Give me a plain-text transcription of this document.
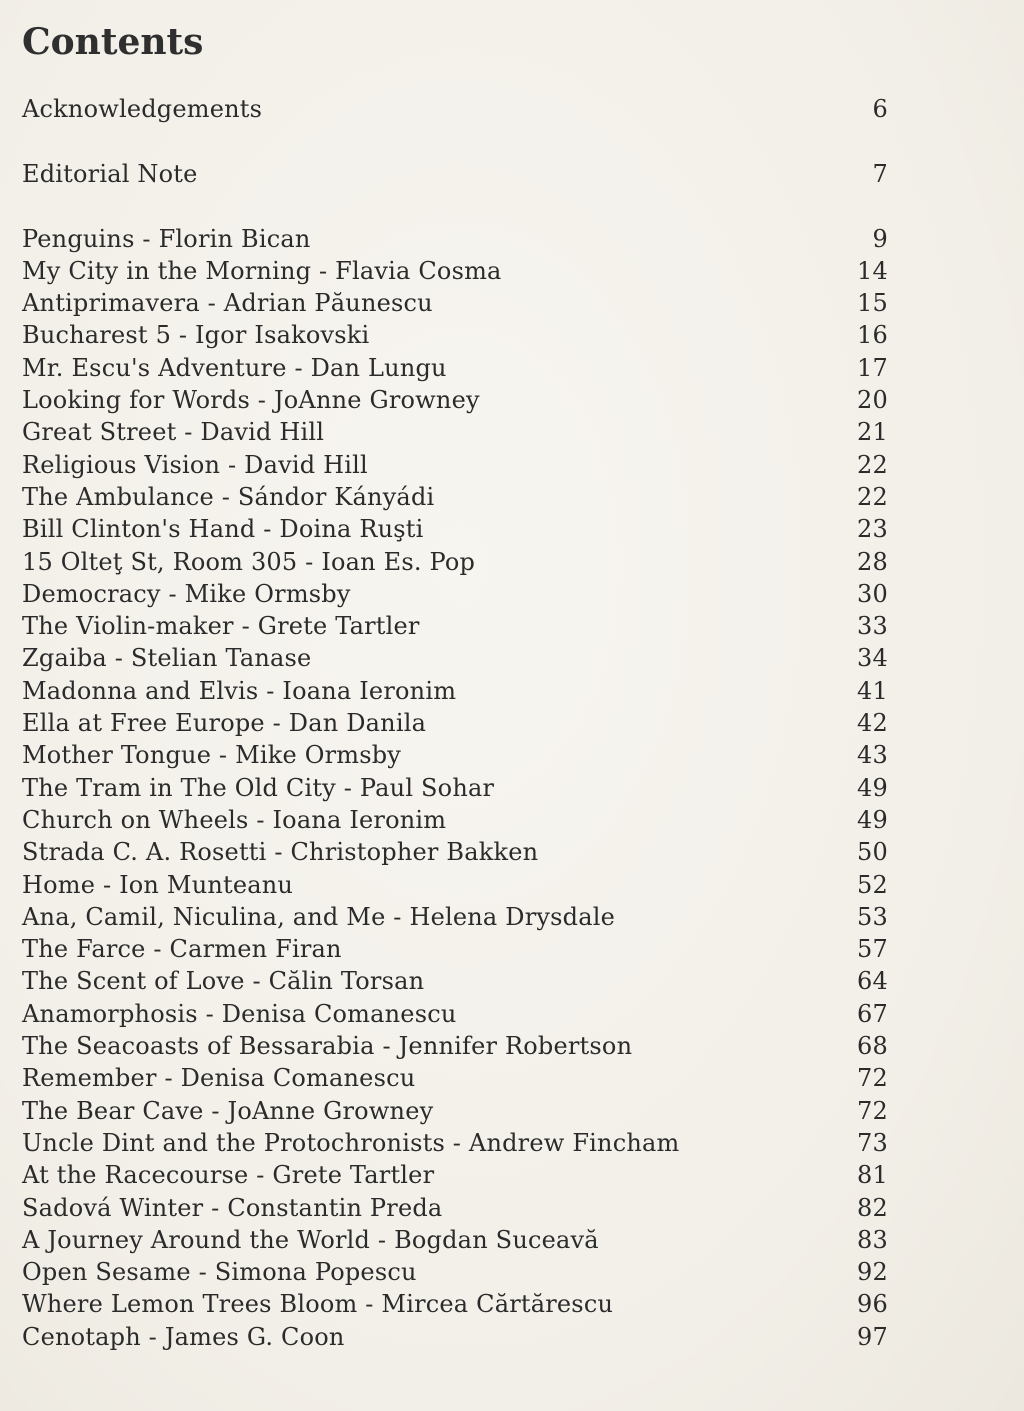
Contents
Acknowledgements	6
Editorial Note	7
Penguins - Florin Bican	9
My City in the Morning - Flavia Cosma	14
Antiprimavera - Adrian Păunescu	15
Bucharest 5 - Igor Isakovski	16
Mr. Escu's Adventure - Dan Lungu	17
Looking for Words - JoAnne Growney	20
Great Street - David Hill	21
Religious Vision - David Hill	22
The Ambulance - Sándor Kányádi	22
Bill Clinton's Hand - Doina Ruşti	23
15 Olteţ St, Room 305 - Ioan Es. Pop	28
Democracy - Mike Ormsby	30
The Violin-maker - Grete Tartler	33
Zgaiba - Stelian Tanase	34
Madonna and Elvis - Ioana Ieronim	41
Ella at Free Europe - Dan Danila	42
Mother Tongue - Mike Ormsby	43
The Tram in The Old City - Paul Sohar	49
Church on Wheels - Ioana Ieronim	49
Strada C. A. Rosetti - Christopher Bakken	50
Home - Ion Munteanu	52
Ana, Camil, Niculina, and Me - Helena Drysdale	53
The Farce - Carmen Firan	57
The Scent of Love - Călin Torsan	64
Anamorphosis - Denisa Comanescu	67
The Seacoasts of Bessarabia - Jennifer Robertson	68
Remember - Denisa Comanescu	72
The Bear Cave - JoAnne Growney	72
Uncle Dint and the Protochronists - Andrew Fincham	73
At the Racecourse - Grete Tartler	81
Sadová Winter - Constantin Preda	82
A Journey Around the World - Bogdan Suceavă	83
Open Sesame - Simona Popescu	92
Where Lemon Trees Bloom - Mircea Cărtărescu	96
Cenotaph - James G. Coon	97
